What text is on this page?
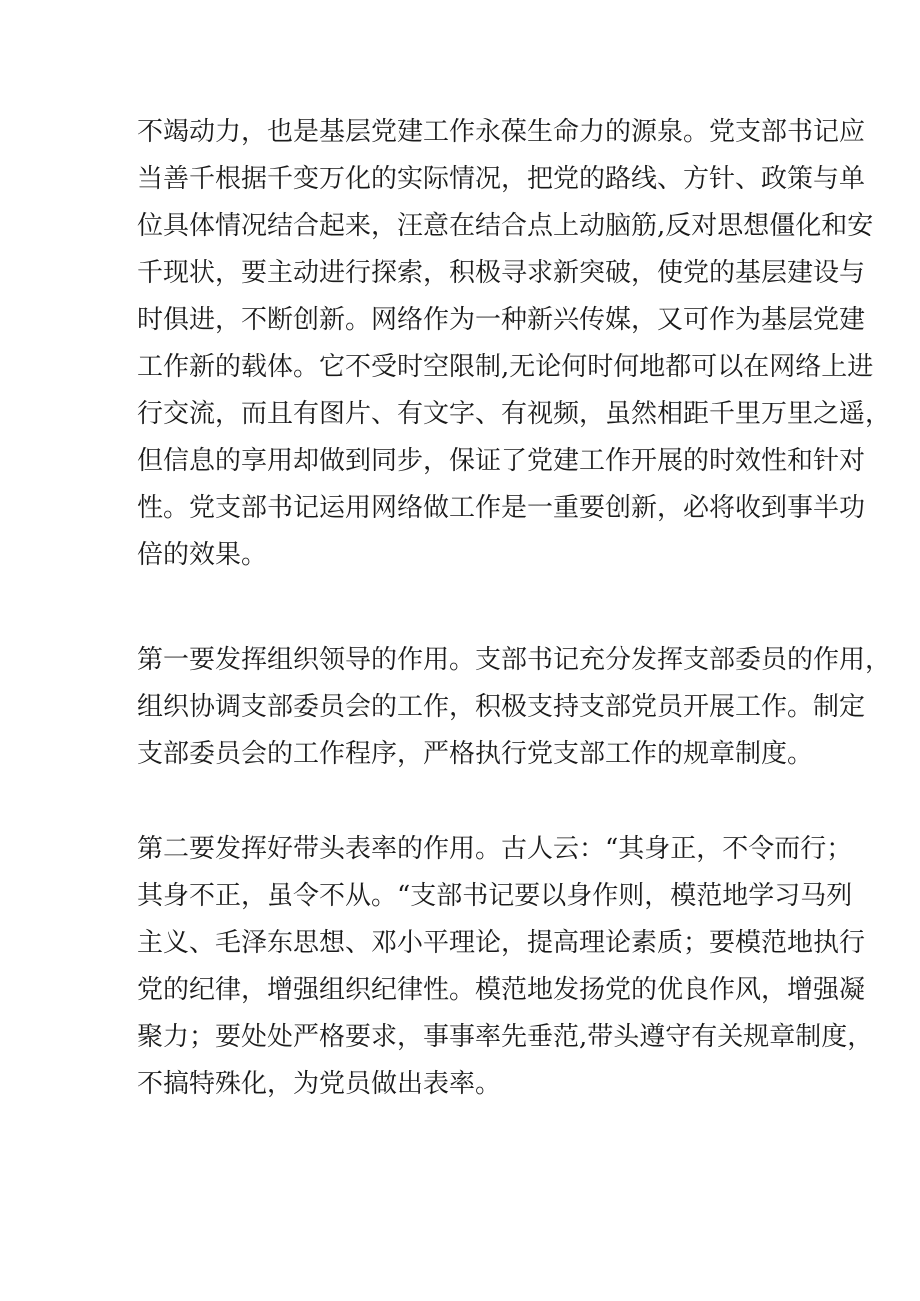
不竭动力，也是基层党建工作永葆生命力的源泉。党支部书记应
当善千根据千变万化的实际情况，把党的路线、方针、政策与单
位具体情况结合起来，汪意在结合点上动脑筋,反对思想僵化和安
千现状，要主动进行探索，积极寻求新突破，使党的基层建设与
时俱进，不断创新。网络作为一种新兴传媒，又可作为基层党建
工作新的载体。它不受时空限制,无论何时何地都可以在网络上进
行交流，而且有图片、有文字、有视频，虽然相距千里万里之遥，
但信息的享用却做到同步，保证了党建工作开展的时效性和针对
性。党支部书记运用网络做工作是一重要创新，必将收到事半功
倍的效果。
第一要发挥组织领导的作用。支部书记充分发挥支部委员的作用，
组织协调支部委员会的工作，积极支持支部党员开展工作。制定
支部委员会的工作程序，严格执行党支部工作的规章制度。
第二要发挥好带头表率的作用。古人云：“其身正，不令而行；
其身不正，虽令不从。“支部书记要以身作则，模范地学习马列
主义、毛泽东思想、邓小平理论，提高理论素质；要模范地执行
党的纪律，增强组织纪律性。模范地发扬党的优良作风，增强凝
聚力；要处处严格要求，事事率先垂范,带头遵守有关规章制度，
不搞特殊化，为党员做出表率。
